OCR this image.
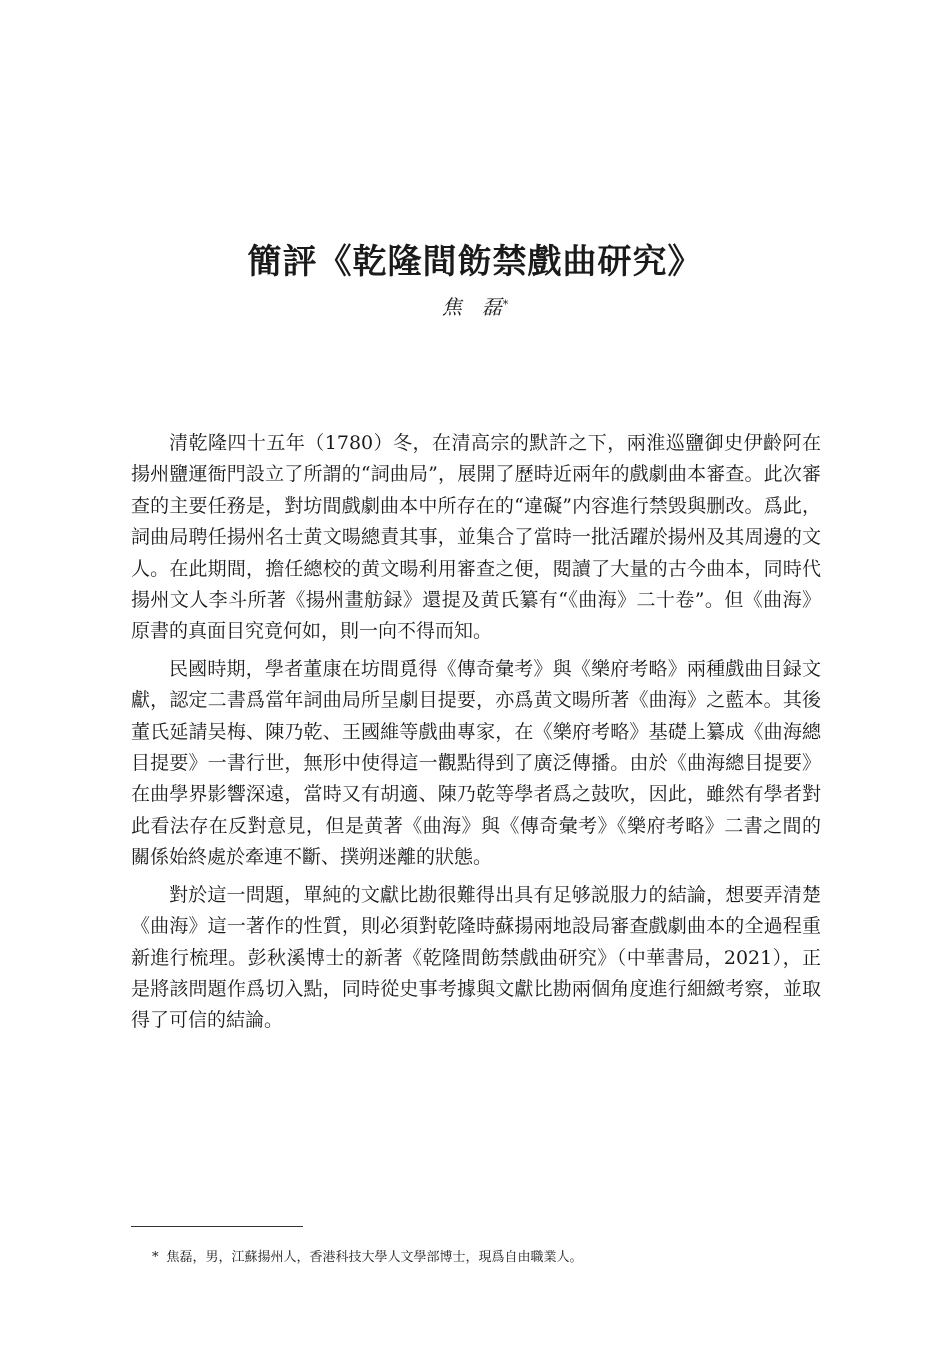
簡評《乾隆間飭禁戲曲研究》
焦　磊*

清乾隆四十五年（1780）冬，在清高宗的默許之下，兩淮巡鹽御史伊齡阿在揚州鹽運衙門設立了所謂的“詞曲局”，展開了歷時近兩年的戲劇曲本審查。此次審查的主要任務是，對坊間戲劇曲本中所存在的“違礙”内容進行禁毁與删改。爲此，詞曲局聘任揚州名士黄文暘總責其事，並集合了當時一批活躍於揚州及其周邊的文人。在此期間，擔任總校的黄文暘利用審查之便，閱讀了大量的古今曲本，同時代揚州文人李斗所著《揚州畫舫録》還提及黄氏纂有“《曲海》二十卷”。但《曲海》原書的真面目究竟何如，則一向不得而知。

民國時期，學者董康在坊間覓得《傳奇彙考》與《樂府考略》兩種戲曲目録文獻，認定二書爲當年詞曲局所呈劇目提要，亦爲黄文暘所著《曲海》之藍本。其後董氏延請吴梅、陳乃乾、王國維等戲曲專家，在《樂府考略》基礎上纂成《曲海總目提要》一書行世，無形中使得這一觀點得到了廣泛傳播。由於《曲海總目提要》在曲學界影響深遠，當時又有胡適、陳乃乾等學者爲之鼓吹，因此，雖然有學者對此看法存在反對意見，但是黄著《曲海》與《傳奇彙考》《樂府考略》二書之間的關係始終處於牽連不斷、撲朔迷離的狀態。

對於這一問題，單純的文獻比勘很難得出具有足够説服力的結論，想要弄清楚《曲海》這一著作的性質，則必須對乾隆時蘇揚兩地設局審查戲劇曲本的全過程重新進行梳理。彭秋溪博士的新著《乾隆間飭禁戲曲研究》（中華書局，2021），正是將該問題作爲切入點，同時從史事考據與文獻比勘兩個角度進行細緻考察，並取得了可信的結論。

* 焦磊，男，江蘇揚州人，香港科技大學人文學部博士，現爲自由職業人。
